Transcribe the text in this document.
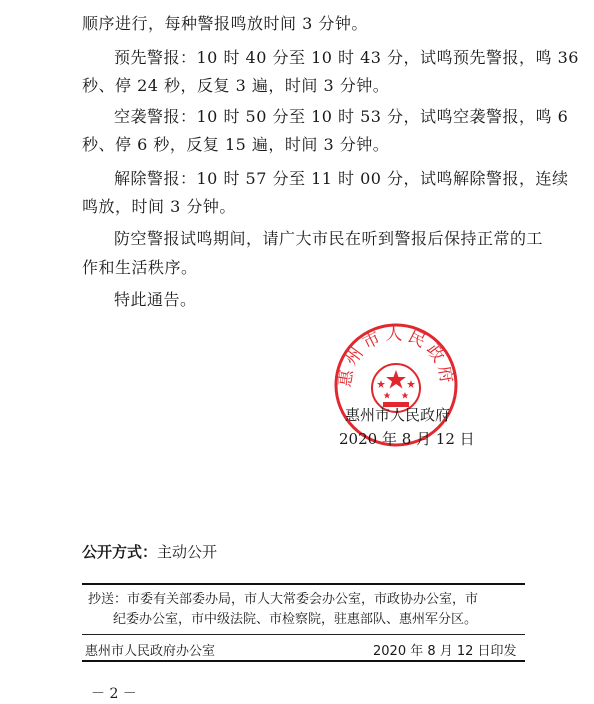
顺序进行，每种警报鸣放时间 3 分钟。
预先警报：10 时 40 分至 10 时 43 分，试鸣预先警报，鸣 36
秒、停 24 秒，反复 3 遍，时间 3 分钟。
空袭警报：10 时 50 分至 10 时 53 分，试鸣空袭警报，鸣 6
秒、停 6 秒，反复 15 遍，时间 3 分钟。
解除警报：10 时 57 分至 11 时 00 分，试鸣解除警报，连续
鸣放，时间 3 分钟。
防空警报试鸣期间，请广大市民在听到警报后保持正常的工
作和生活秩序。
特此通告。
惠州市人民政府
惠州市人民政府
2020 年 8 月 12 日
公开方式：主动公开
抄送：市委有关部委办局，市人大常委会办公室，市政协办公室，市
纪委办公室，市中级法院、市检察院，驻惠部队、惠州军分区。
惠州市人民政府办公室	2020 年 8 月 12 日印发
－ 2 －
